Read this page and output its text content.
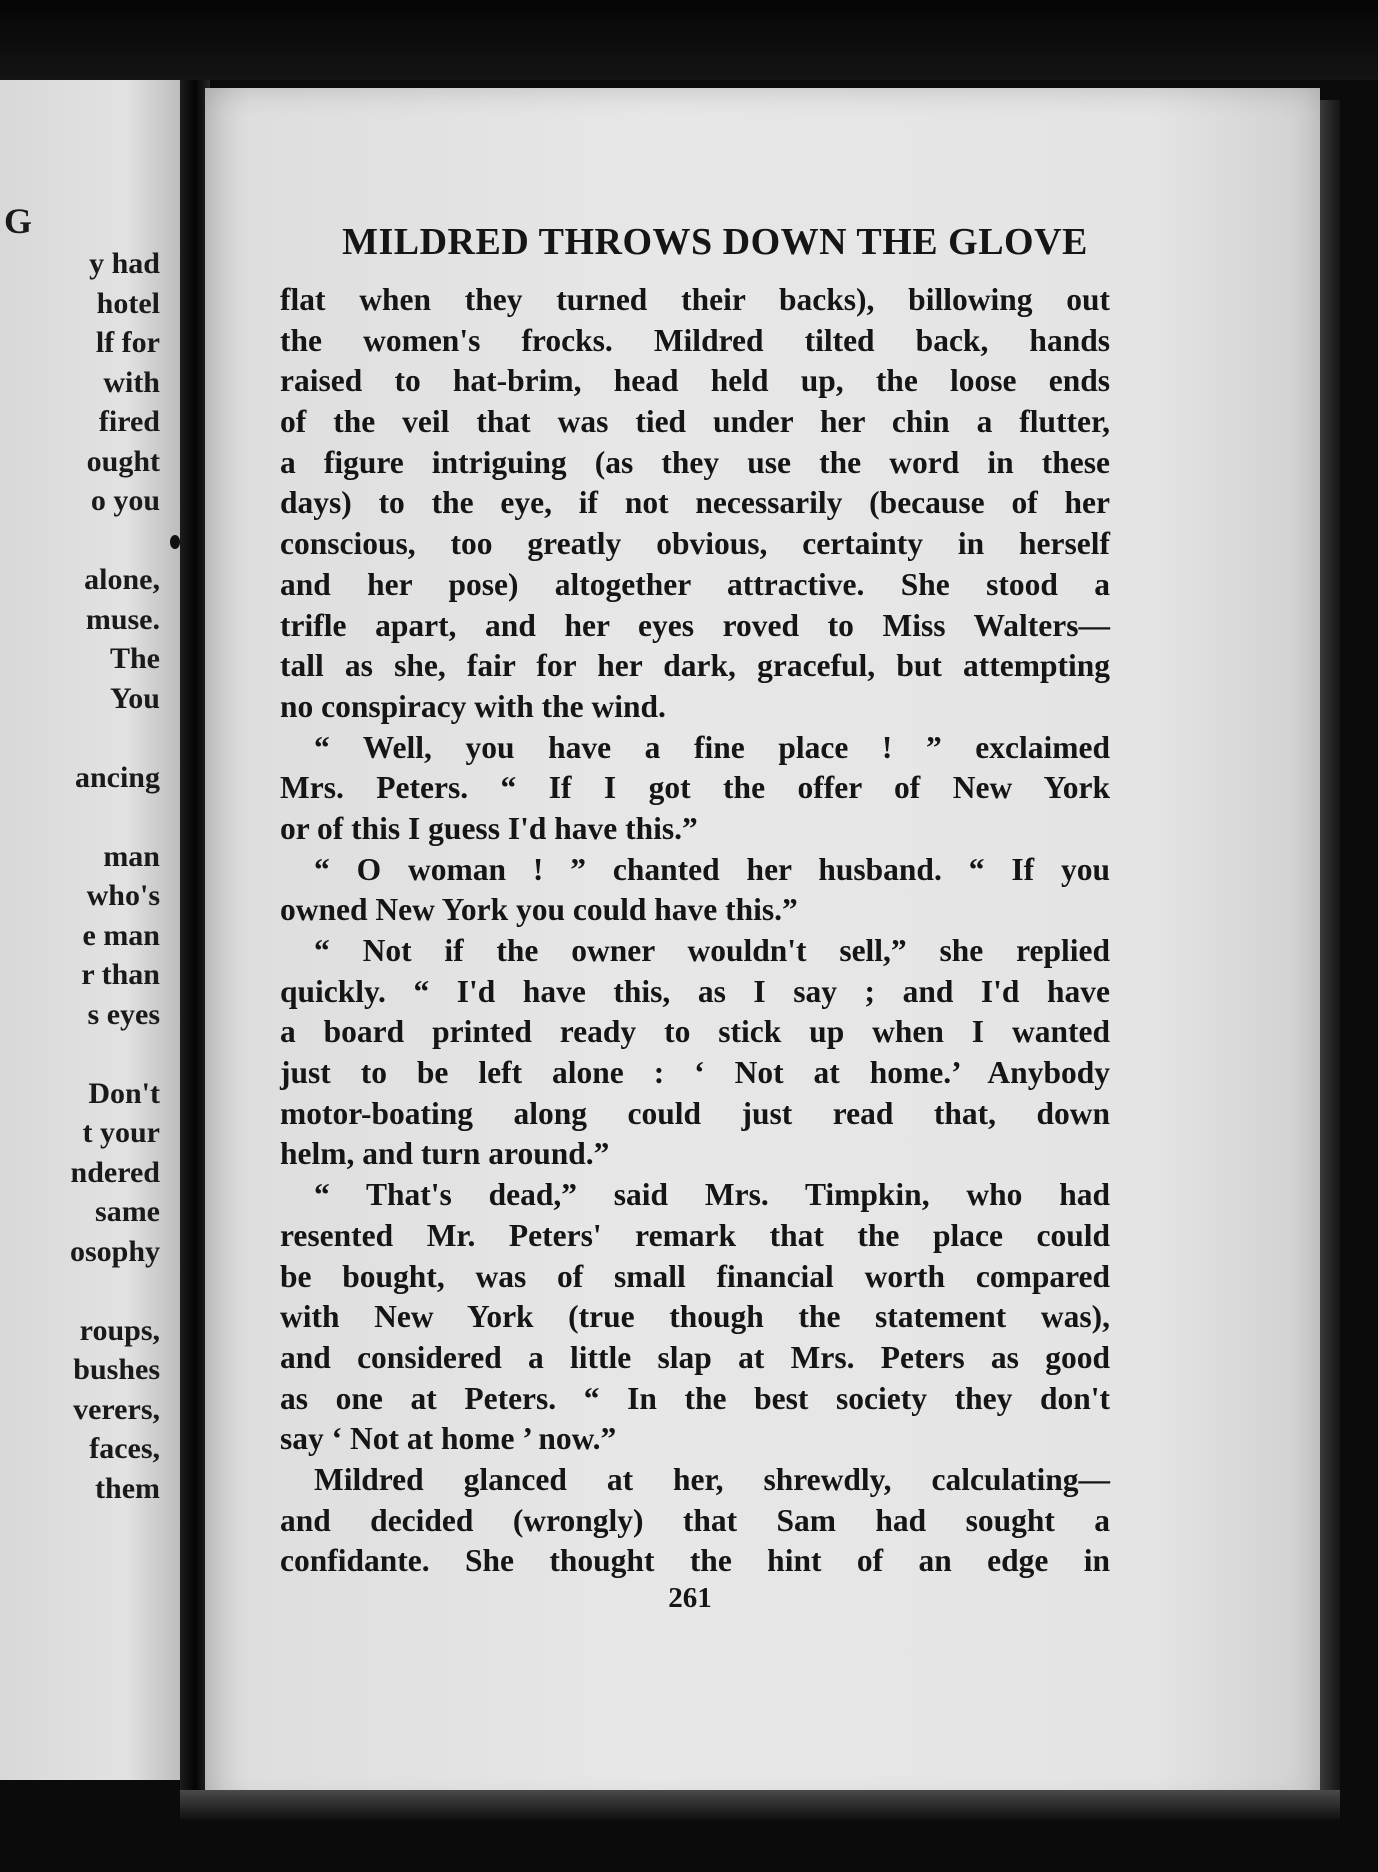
G
y had
hotel
lf for
with
fired
ought
o you
alone,
muse.
The
You
ancing
man
who's
e man
r than
s eyes
Don't
t your
ndered
same
osophy
roups,
bushes
verers,
faces,
them
MILDRED THROWS DOWN THE GLOVE
flat when they turned their backs), billowing out
the women's frocks. Mildred tilted back, hands
raised to hat-brim, head held up, the loose ends
of the veil that was tied under her chin a flutter,
a figure intriguing (as they use the word in these
days) to the eye, if not necessarily (because of her
conscious, too greatly obvious, certainty in herself
and her pose) altogether attractive. She stood a
trifle apart, and her eyes roved to Miss Walters—
tall as she, fair for her dark, graceful, but attempting
no conspiracy with the wind.
“ Well, you have a fine place ! ” exclaimed
Mrs. Peters. “ If I got the offer of New York
or of this I guess I'd have this.”
“ O woman ! ” chanted her husband. “ If you
owned New York you could have this.”
“ Not if the owner wouldn't sell,” she replied
quickly. “ I'd have this, as I say ; and I'd have
a board printed ready to stick up when I wanted
just to be left alone : ‘ Not at home.’ Anybody
motor-boating along could just read that, down
helm, and turn around.”
“ That's dead,” said Mrs. Timpkin, who had
resented Mr. Peters' remark that the place could
be bought, was of small financial worth compared
with New York (true though the statement was),
and considered a little slap at Mrs. Peters as good
as one at Peters. “ In the best society they don't
say ‘ Not at home ’ now.”
Mildred glanced at her, shrewdly, calculating—
and decided (wrongly) that Sam had sought a
confidante. She thought the hint of an edge in
261
